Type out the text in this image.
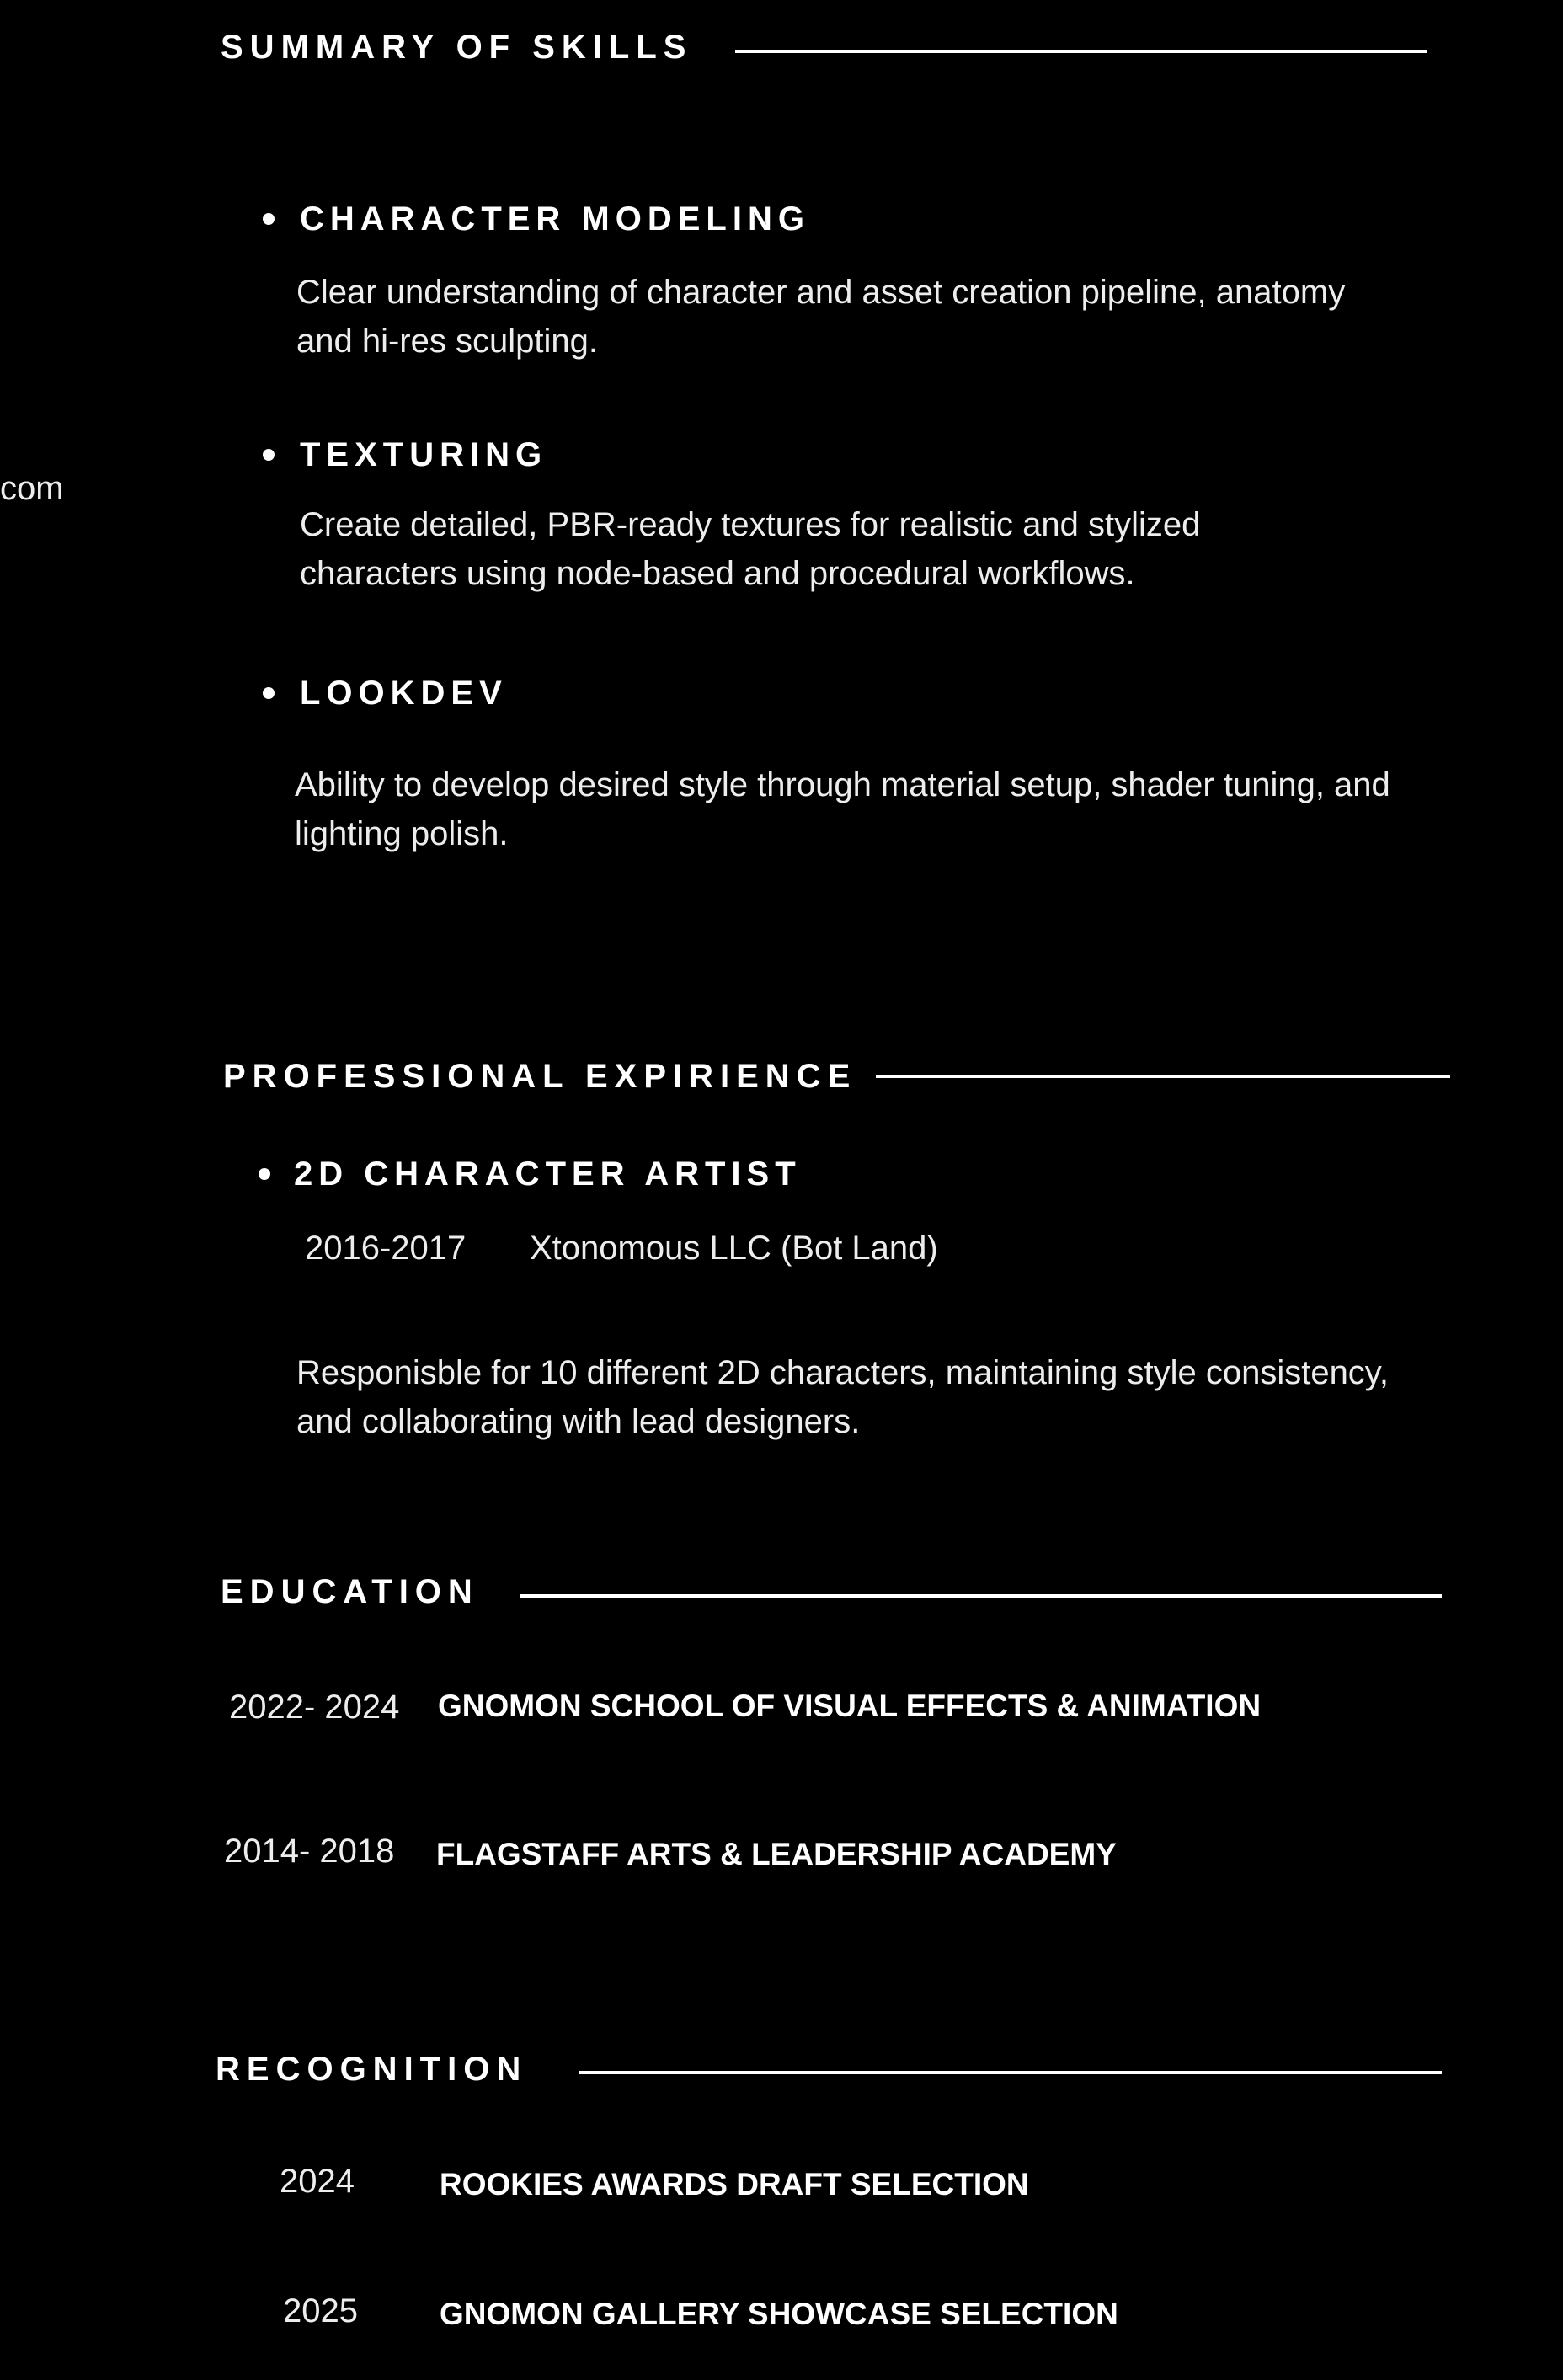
com
SUMMARY OF SKILLS
CHARACTER MODELING
Clear understanding of character and asset creation pipeline, anatomy and hi-res sculpting.
TEXTURING
Create detailed, PBR-ready textures for realistic and stylized characters using node-based and procedural workflows.
LOOKDEV
Ability to develop desired style through material setup, shader tuning, and lighting polish.
PROFESSIONAL EXPIRIENCE
2D CHARACTER ARTIST
2016-2017 Xtonomous LLC (Bot Land)
Responisble for 10 different 2D characters, maintaining style consistency, and collaborating with lead designers.
EDUCATION
2022- 2024 GNOMON SCHOOL OF VISUAL EFFECTS & ANIMATION
2014- 2018 FLAGSTAFF ARTS & LEADERSHIP ACADEMY
RECOGNITION
2024	ROOKIES AWARDS DRAFT SELECTION
2025	GNOMON GALLERY SHOWCASE SELECTION
